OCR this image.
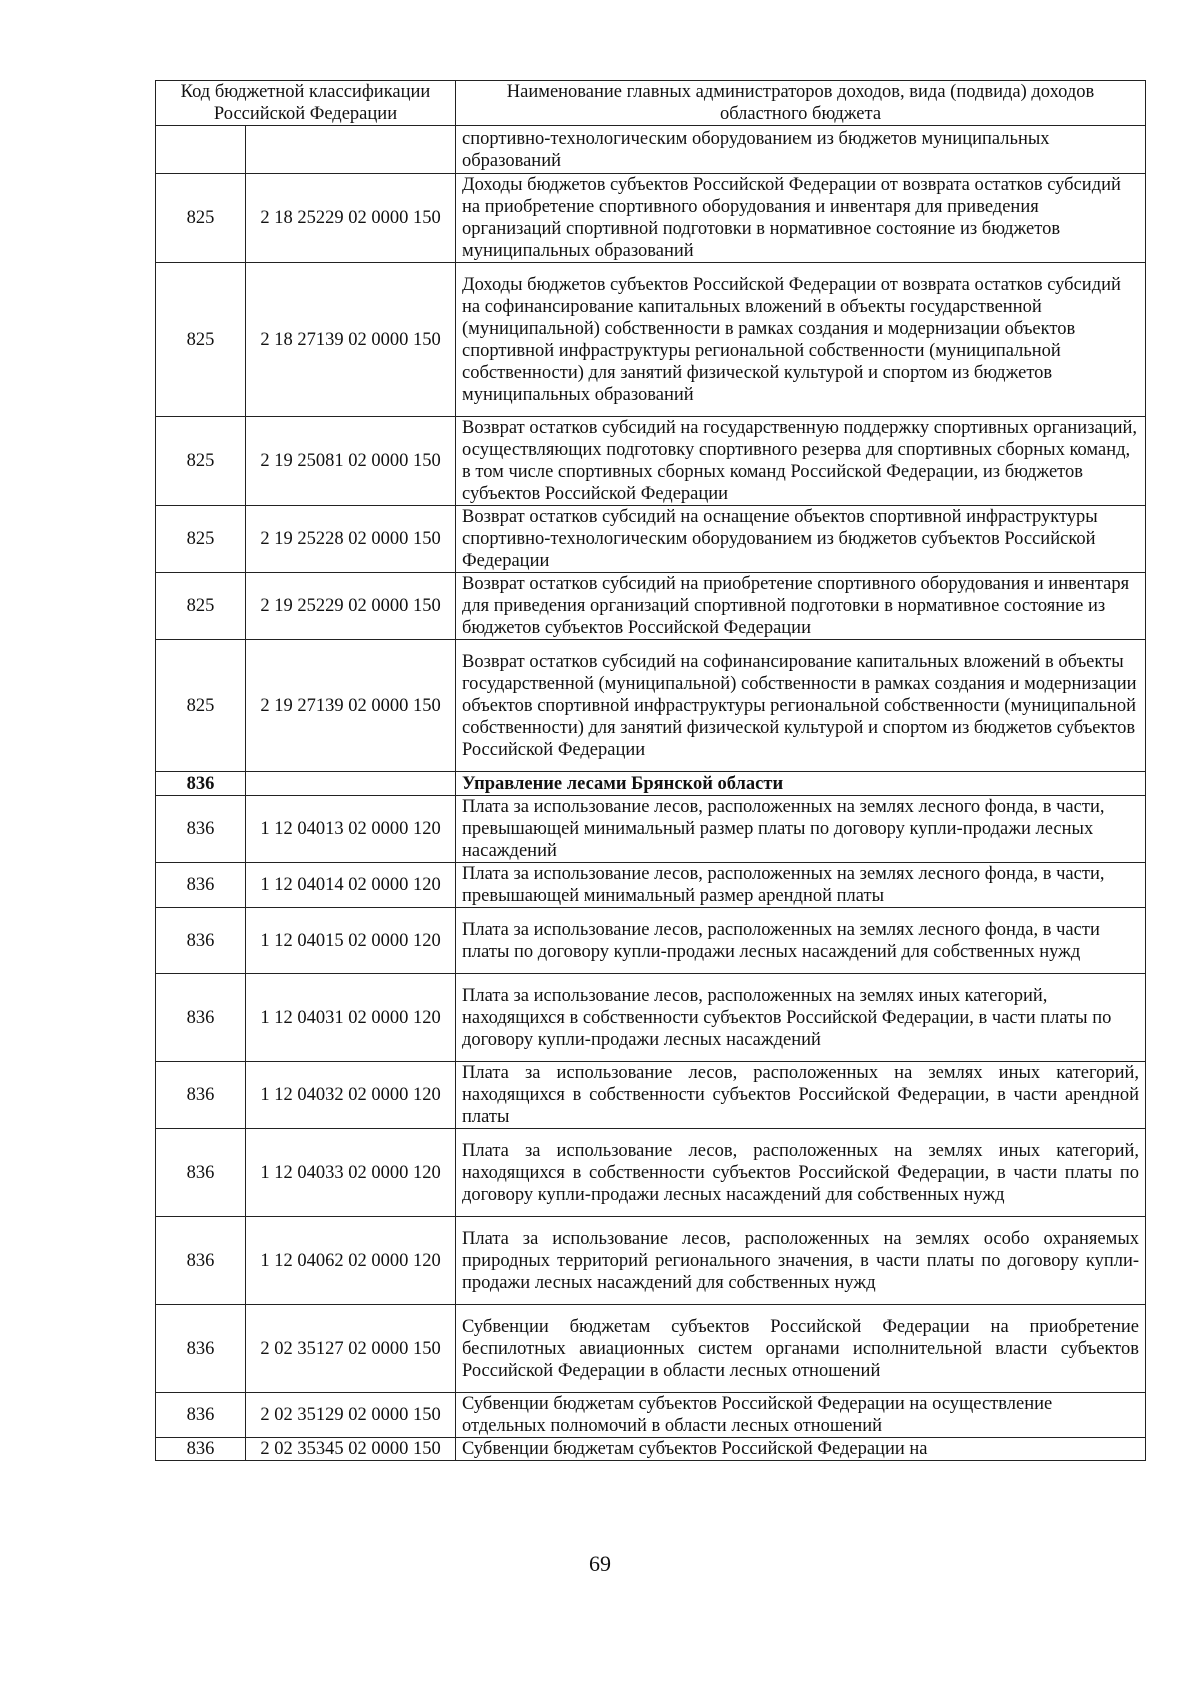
Код бюджетной классификации Российской Федерации		Наименование главных администраторов доходов, вида (подвида) доходов областного бюджета
		спортивно-технологическим оборудованием из бюджетов муниципальных образований
825	2 18 25229 02 0000 150	Доходы бюджетов субъектов Российской Федерации от возврата остатков субсидий на приобретение спортивного оборудования и инвентаря для приведения организаций спортивной подготовки в нормативное состояние из бюджетов муниципальных образований
825	2 18 27139 02 0000 150	Доходы бюджетов субъектов Российской Федерации от возврата остатков субсидий на софинансирование капитальных вложений в объекты государственной (муниципальной) собственности в рамках создания и модернизации объектов спортивной инфраструктуры региональной собственности (муниципальной собственности) для занятий физической культурой и спортом из бюджетов муниципальных образований
825	2 19 25081 02 0000 150	Возврат остатков субсидий на государственную поддержку спортивных организаций, осуществляющих подготовку спортивного резерва для спортивных сборных команд, в том числе спортивных сборных команд Российской Федерации, из бюджетов субъектов Российской Федерации
825	2 19 25228 02 0000 150	Возврат остатков субсидий на оснащение объектов спортивной инфраструктуры спортивно-технологическим оборудованием из бюджетов субъектов Российской Федерации
825	2 19 25229 02 0000 150	Возврат остатков субсидий на приобретение спортивного оборудования и инвентаря для приведения организаций спортивной подготовки в нормативное состояние из бюджетов субъектов Российской Федерации
825	2 19 27139 02 0000 150	Возврат остатков субсидий на софинансирование капитальных вложений в объекты государственной (муниципальной) собственности в рамках создания и модернизации объектов спортивной инфраструктуры региональной собственности (муниципальной собственности) для занятий физической культурой и спортом из бюджетов субъектов Российской Федерации
836		Управление лесами Брянской области
836	1 12 04013 02 0000 120	Плата за использование лесов, расположенных на землях лесного фонда, в части, превышающей минимальный размер платы по договору купли-продажи лесных насаждений
836	1 12 04014 02 0000 120	Плата за использование лесов, расположенных на землях лесного фонда, в части, превышающей минимальный размер арендной платы
836	1 12 04015 02 0000 120	Плата за использование лесов, расположенных на землях лесного фонда, в части платы по договору купли-продажи лесных насаждений для собственных нужд
836	1 12 04031 02 0000 120	Плата за использование лесов, расположенных на землях иных категорий, находящихся в собственности субъектов Российской Федерации, в части платы по договору купли-продажи лесных насаждений
836	1 12 04032 02 0000 120	Плата за использование лесов, расположенных на землях иных категорий, находящихся в собственности субъектов Российской Федерации, в части арендной платы
836	1 12 04033 02 0000 120	Плата за использование лесов, расположенных на землях иных категорий, находящихся в собственности субъектов Российской Федерации, в части платы по договору купли-продажи лесных насаждений для собственных нужд
836	1 12 04062 02 0000 120	Плата за использование лесов, расположенных на землях особо охраняемых природных территорий регионального значения, в части платы по договору купли-продажи лесных насаждений для собственных нужд
836	2 02 35127 02 0000 150	Субвенции бюджетам субъектов Российской Федерации на приобретение беспилотных авиационных систем органами исполнительной власти субъектов Российской Федерации в области лесных отношений
836	2 02 35129 02 0000 150	Субвенции бюджетам субъектов Российской Федерации на осуществление отдельных полномочий в области лесных отношений
836	2 02 35345 02 0000 150	Субвенции бюджетам субъектов Российской Федерации на
69
